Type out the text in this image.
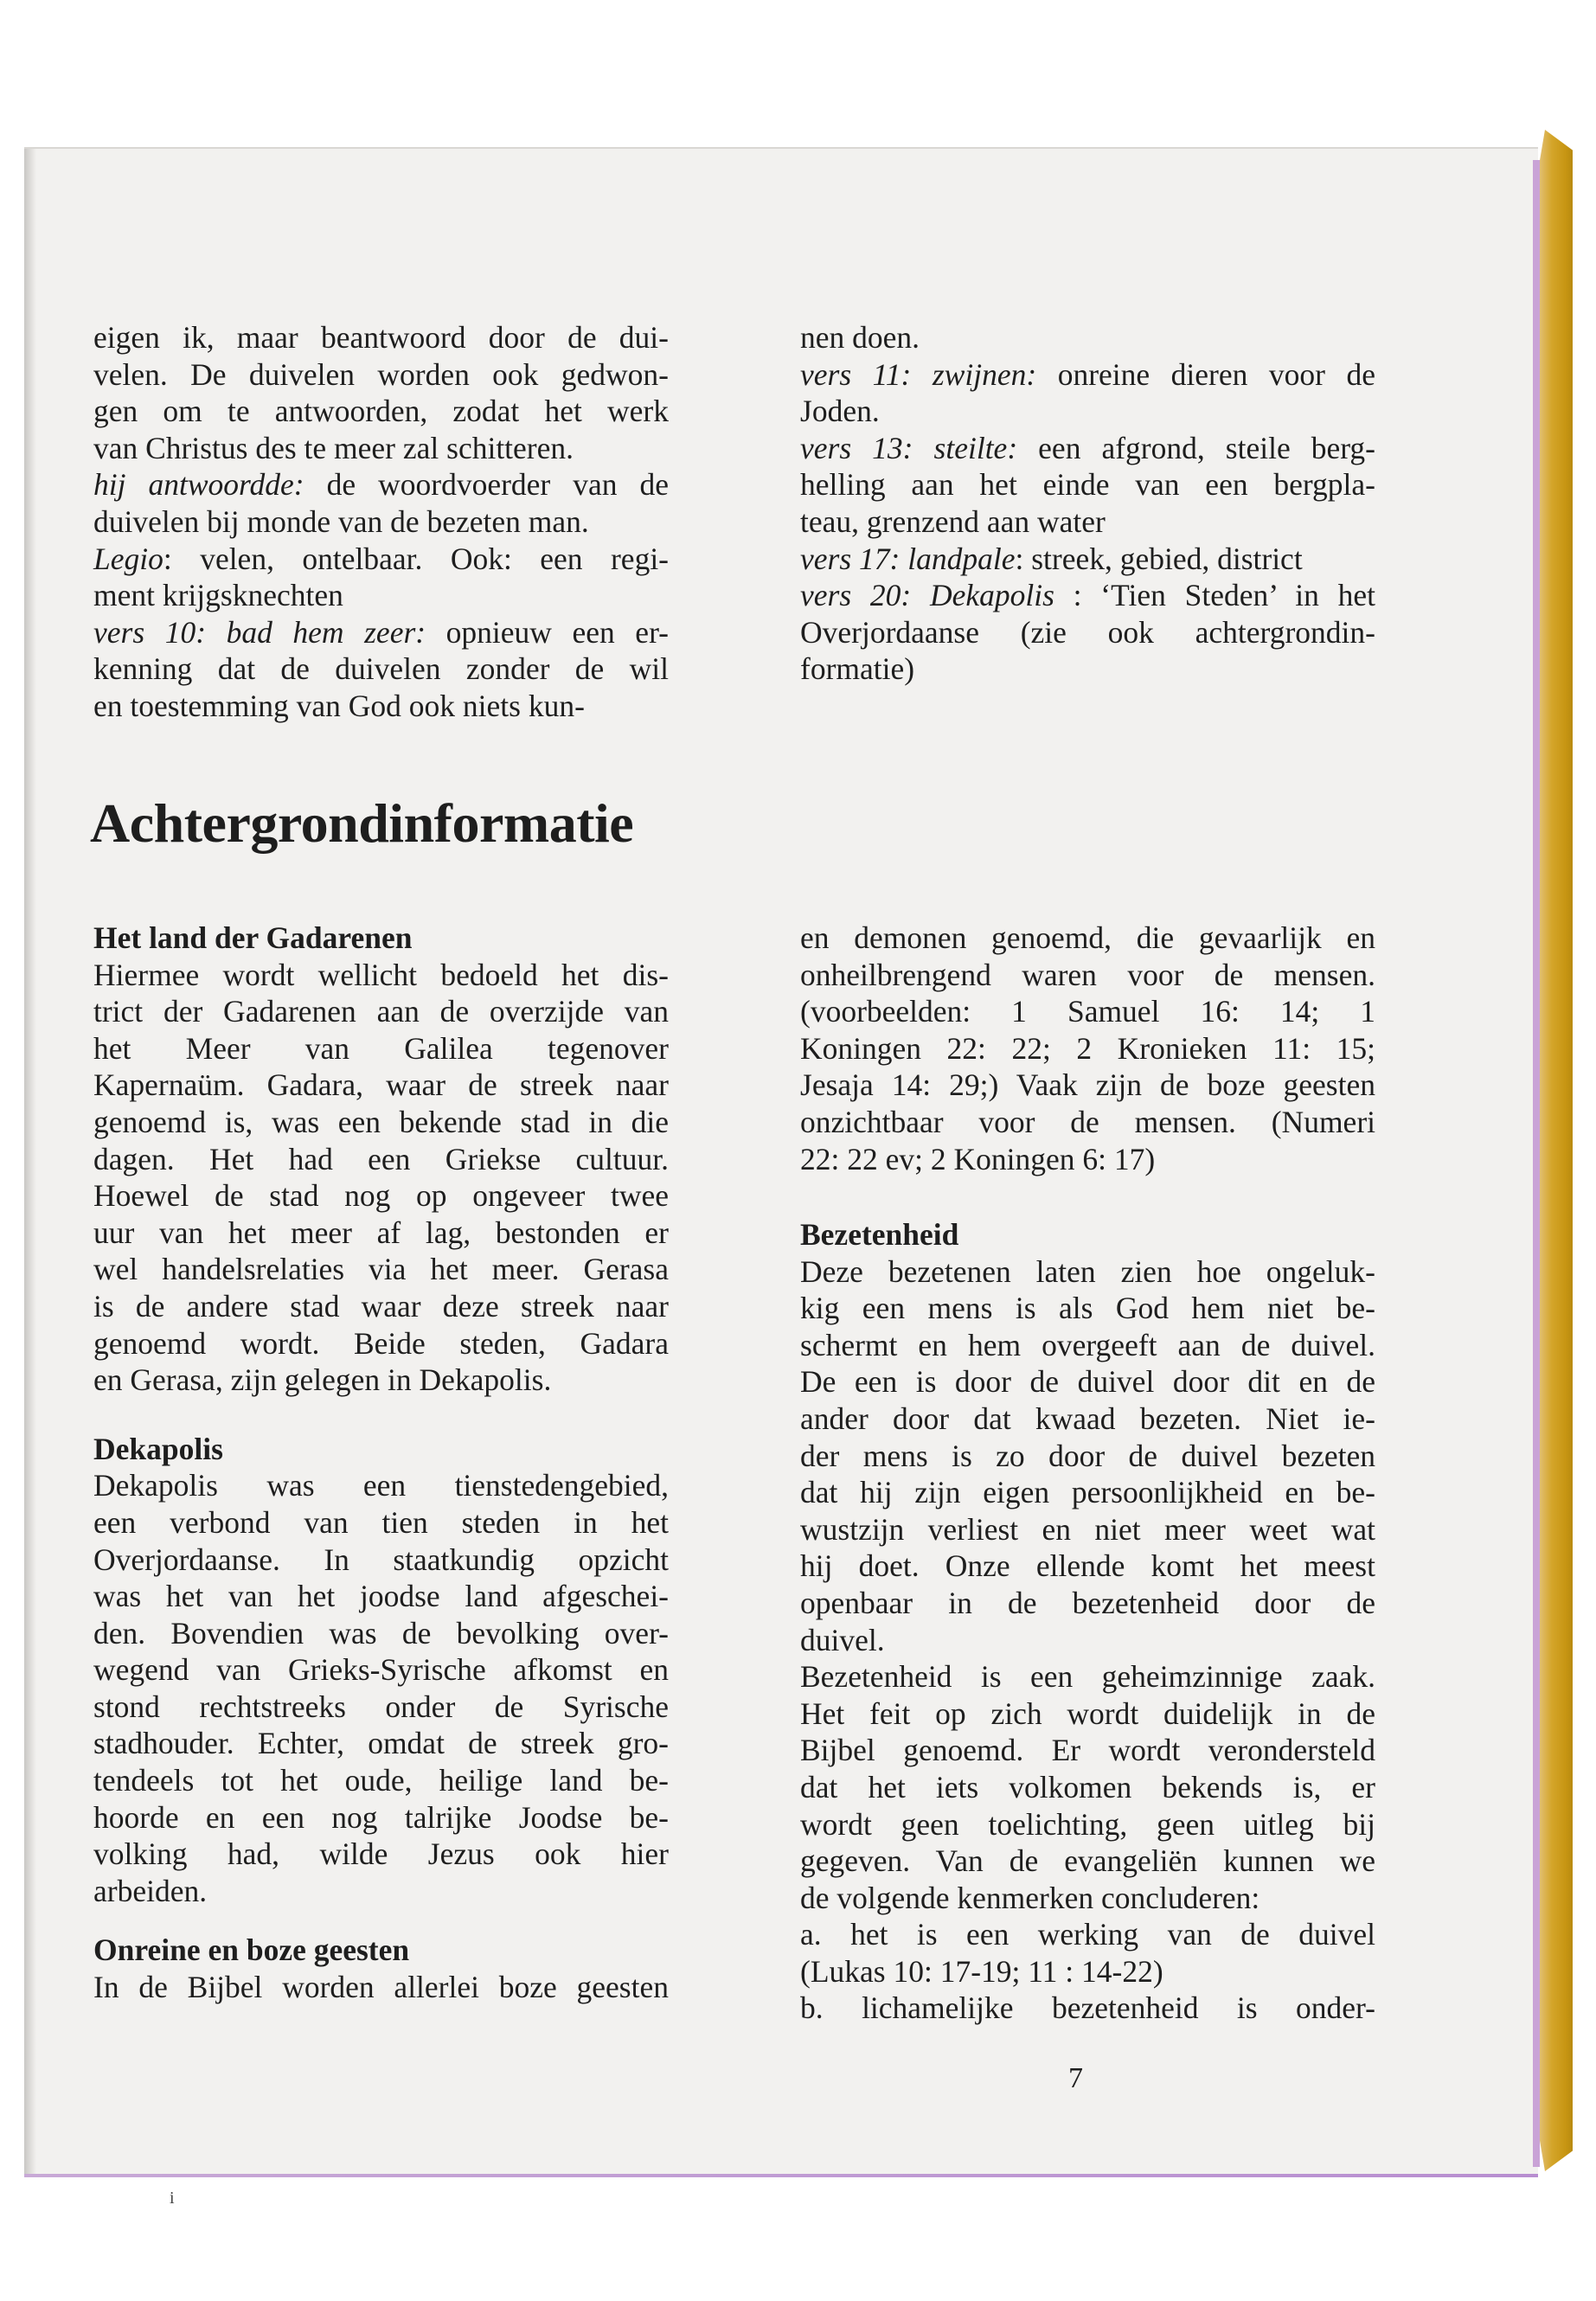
eigen ik, maar beantwoord door de dui-
velen. De duivelen worden ook gedwon-
gen om te antwoorden, zodat het werk
van Christus des te meer zal schitteren.
hij antwoordde: de woordvoerder van de
duivelen bij monde van de bezeten man.
Legio: velen, ontelbaar. Ook: een regi-
ment krijgsknechten
vers 10: bad hem zeer: opnieuw een er-
kenning dat de duivelen zonder de wil
en toestemming van God ook niets kun-
nen doen.
vers 11: zwijnen: onreine dieren voor de
Joden.
vers 13: steilte: een afgrond, steile berg-
helling aan het einde van een bergpla-
teau, grenzend aan water
vers 17: landpale: streek, gebied, district
vers 20: Dekapolis : ‘Tien Steden’ in het
Overjordaanse (zie ook achtergrondin-
formatie)
Achtergrondinformatie
Het land der Gadarenen
Hiermee wordt wellicht bedoeld het dis-
trict der Gadarenen aan de overzijde van
het Meer van Galilea tegenover
Kapernaüm. Gadara, waar de streek naar
genoemd is, was een bekende stad in die
dagen. Het had een Griekse cultuur.
Hoewel de stad nog op ongeveer twee
uur van het meer af lag, bestonden er
wel handelsrelaties via het meer. Gerasa
is de andere stad waar deze streek naar
genoemd wordt. Beide steden, Gadara
en Gerasa, zijn gelegen in Dekapolis.
Dekapolis
Dekapolis was een tienstedengebied,
een verbond van tien steden in het
Overjordaanse. In staatkundig opzicht
was het van het joodse land afgeschei-
den. Bovendien was de bevolking over-
wegend van Grieks-Syrische afkomst en
stond rechtstreeks onder de Syrische
stadhouder. Echter, omdat de streek gro-
tendeels tot het oude, heilige land be-
hoorde en een nog talrijke Joodse be-
volking had, wilde Jezus ook hier
arbeiden.
Onreine en boze geesten
In de Bijbel worden allerlei boze geesten
en demonen genoemd, die gevaarlijk en
onheilbrengend waren voor de mensen.
(voorbeelden: 1 Samuel 16: 14; 1
Koningen 22: 22; 2 Kronieken 11: 15;
Jesaja 14: 29;) Vaak zijn de boze geesten
onzichtbaar voor de mensen. (Numeri
22: 22 ev; 2 Koningen 6: 17)
Bezetenheid
Deze bezetenen laten zien hoe ongeluk-
kig een mens is als God hem niet be-
schermt en hem overgeeft aan de duivel.
De een is door de duivel door dit en de
ander door dat kwaad bezeten. Niet ie-
der mens is zo door de duivel bezeten
dat hij zijn eigen persoonlijkheid en be-
wustzijn verliest en niet meer weet wat
hij doet. Onze ellende komt het meest
openbaar in de bezetenheid door de
duivel.
Bezetenheid is een geheimzinnige zaak.
Het feit op zich wordt duidelijk in de
Bijbel genoemd. Er wordt verondersteld
dat het iets volkomen bekends is, er
wordt geen toelichting, geen uitleg bij
gegeven. Van de evangeliën kunnen we
de volgende kenmerken concluderen:
a. het is een werking van de duivel
(Lukas 10: 17-19; 11 : 14-22)
b. lichamelijke bezetenheid is onder-
7
i
